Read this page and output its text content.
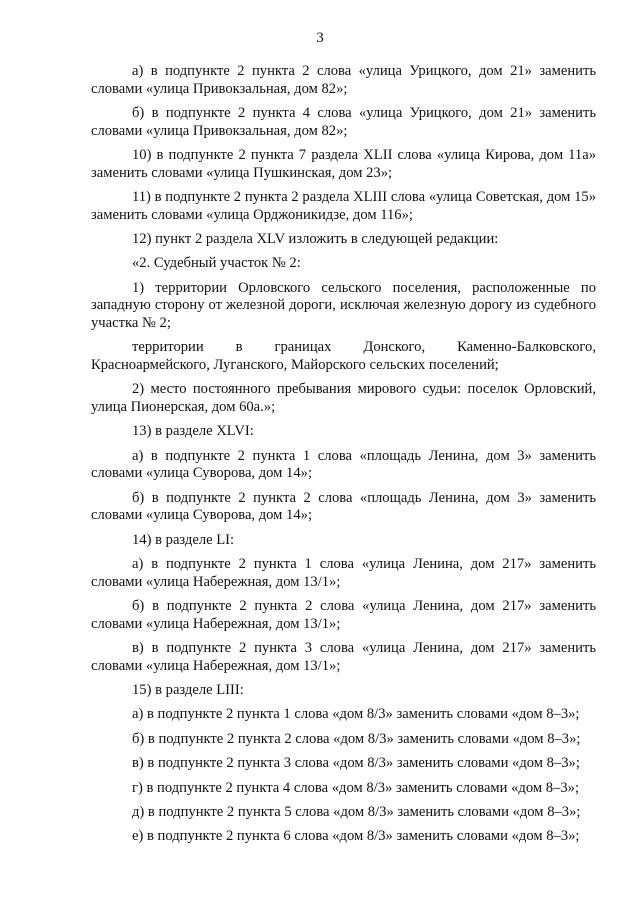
3

а) в подпункте 2 пункта 2 слова «улица Урицкого, дом 21» заменить словами «улица Привокзальная, дом 82»;

б) в подпункте 2 пункта 4 слова «улица Урицкого, дом 21» заменить словами «улица Привокзальная, дом 82»;

10) в подпункте 2 пункта 7 раздела XLII слова «улица Кирова, дом 11а» заменить словами «улица Пушкинская, дом 23»;

11) в подпункте 2 пункта 2 раздела XLIII слова «улица Советская, дом 15» заменить словами «улица Орджоникидзе, дом 116»;

12) пункт 2 раздела XLV изложить в следующей редакции:

«2. Судебный участок № 2:

1) территории Орловского сельского поселения, расположенные по западную сторону от железной дороги, исключая железную дорогу из судебного участка № 2;

территории в границах Донского, Каменно-Балковского, Красноармейского, Луганского, Майорского сельских поселений;

2) место постоянного пребывания мирового судьи: поселок Орловский, улица Пионерская, дом 60а.»;

13) в разделе XLVI:

а) в подпункте 2 пункта 1 слова «площадь Ленина, дом 3» заменить словами «улица Суворова, дом 14»;

б) в подпункте 2 пункта 2 слова «площадь Ленина, дом 3» заменить словами «улица Суворова, дом 14»;

14) в разделе LI:

а) в подпункте 2 пункта 1 слова «улица Ленина, дом 217» заменить словами «улица Набережная, дом 13/1»;

б) в подпункте 2 пункта 2 слова «улица Ленина, дом 217» заменить словами «улица Набережная, дом 13/1»;

в) в подпункте 2 пункта 3 слова «улица Ленина, дом 217» заменить словами «улица Набережная, дом 13/1»;

15) в разделе LIII:

а) в подпункте 2 пункта 1 слова «дом 8/3» заменить словами «дом 8–3»;

б) в подпункте 2 пункта 2 слова «дом 8/3» заменить словами «дом 8–3»;

в) в подпункте 2 пункта 3 слова «дом 8/3» заменить словами «дом 8–3»;

г) в подпункте 2 пункта 4 слова «дом 8/3» заменить словами «дом 8–3»;

д) в подпункте 2 пункта 5 слова «дом 8/3» заменить словами «дом 8–3»;

е) в подпункте 2 пункта 6 слова «дом 8/3» заменить словами «дом 8–3»;
